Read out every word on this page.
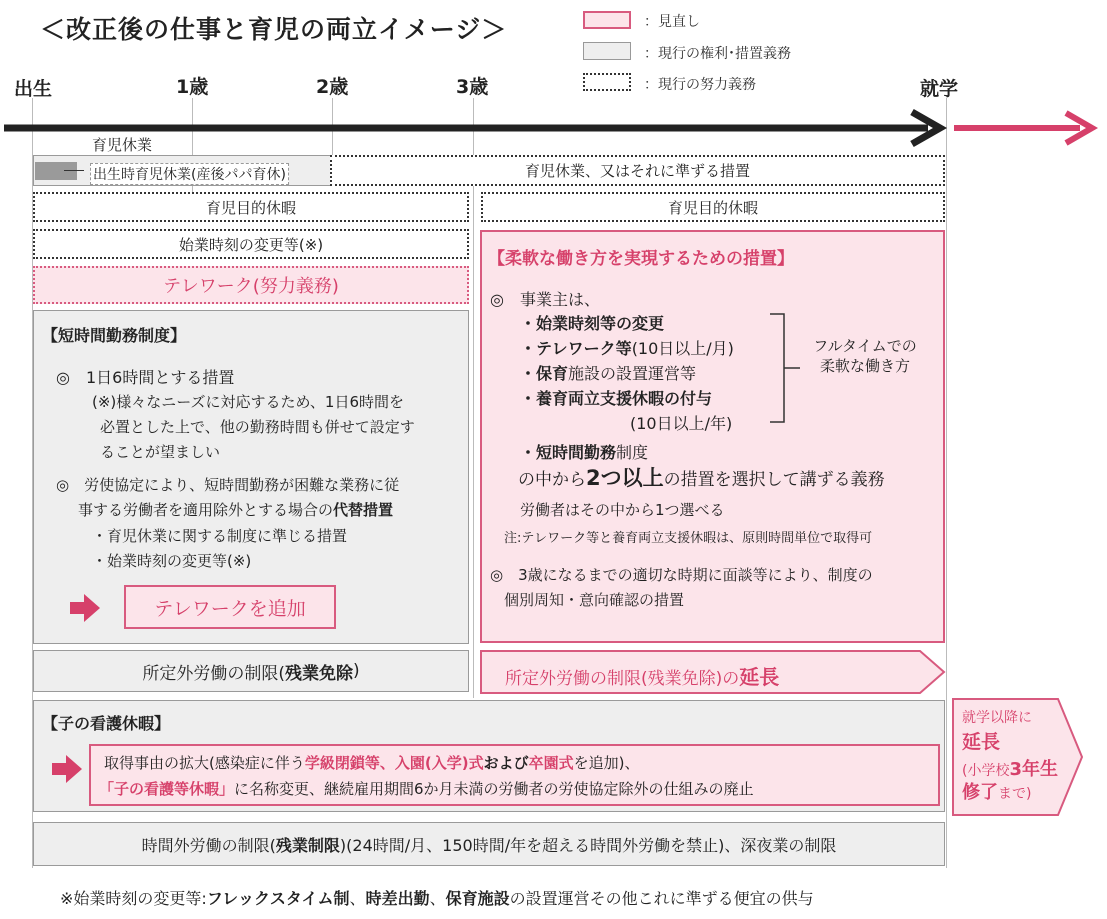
＜改正後の仕事と育児の両立イメージ＞	：見直し
：現行の権利･措置義務
：現行の努力義務
出生	1歳	2歳	3歳	就学
育児休業
出生時育児休業(産後パパ育休)	育児休業、又はそれに準ずる措置
育児目的休暇	育児目的休暇
始業時刻の変更等(※)
テレワーク(努力義務)
【短時間勤務制度】
◎　1日6時間とする措置
(※)様々なニーズに対応するため、1日6時間を
必置とした上で、他の勤務時間も併せて設定す
ることが望ましい
◎　労使協定により、短時間勤務が困難な業務に従
事する労働者を適用除外とする場合の代替措置
・育児休業に関する制度に準じる措置
・始業時刻の変更等(※)
テレワークを追加
【柔軟な働き方を実現するための措置】
◎　事業主は、
・始業時刻等の変更
・テレワーク等(10日以上/月)
・保育施設の設置運営等
・養育両立支援休暇の付与
(10日以上/年)
フルタイムでの
柔軟な働き方
・短時間勤務制度
の中から2つ以上の措置を選択して講ずる義務
労働者はその中から1つ選べる
注:テレワーク等と養育両立支援休暇は、原則時間単位で取得可
◎　3歳になるまでの適切な時期に面談等により、制度の
個別周知・意向確認の措置
所定外労働の制限( 残業免除 )	所定外労働の制限(残業免除)の延長
【子の看護休暇】
取得事由の拡大(感染症に伴う学級閉鎖等、入園(入学)式および卒園式を追加)、
「子の看護等休暇」に名称変更、継続雇用期間6か月未満の労働者の労使協定除外の仕組みの廃止
就学以降に
延長
(小学校3年生
修了まで)
時間外労働の制限(残業制限)(24時間/月、150時間/年を超える時間外労働を禁止)、深夜業の制限
※始業時刻の変更等:フレックスタイム制、時差出勤、保育施設の設置運営その他これに準ずる便宜の供与
